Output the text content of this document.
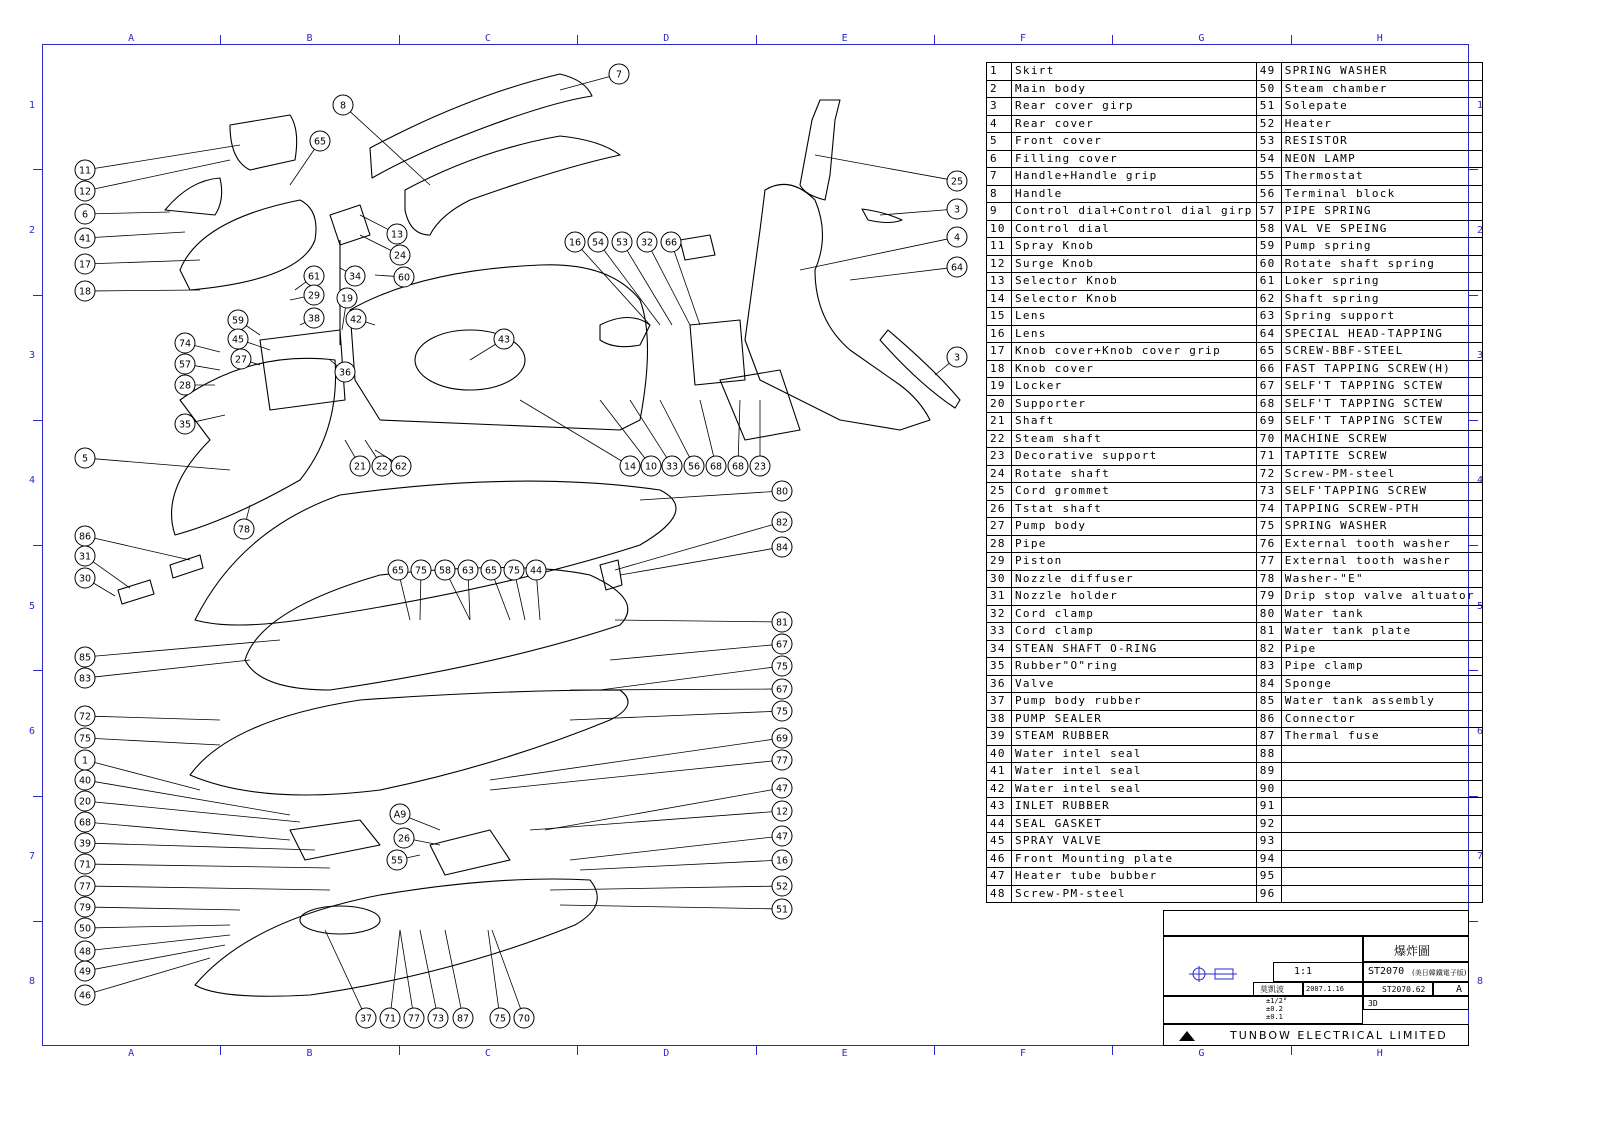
A
A
B
B
C
C
D
D
E
E
F
F
G
G
H
H
1	1
2	2
3	3
4	4
5	5
6	6
7	7
8	8
11
12
6
41
17
18
74
57
28
35
5
86
31
30
85
83
72
75
1
40
20
68
39
71
77
79
50
48
49
46
7
25
3
4
64
3
80
82
84
81
67
75
67
75
69
77
47
12
47
16
52
51
37 71 77 73 87	75 70
16 54 53 32 66
14 10 33 56 68 68 23
65 75 58 63 65 75 44
8
65
13
24
34	60
61
29
38
59
45
27
36
42
19
22 62
21
78
43
A9
26
55
1	Skirt	49	SPRING WASHER
2	Main body	50	Steam chamber
3	Rear cover girp	51	Solepate
4	Rear cover	52	Heater
5	Front cover	53	RESISTOR
6	Filling cover	54	NEON LAMP
7	Handle+Handle grip	55	Thermostat
8	Handle	56	Terminal block
9	Control dial+Control dial girp	57	PIPE SPRING
10	Control dial	58	VAL VE SPEING
11	Spray Knob	59	Pump spring
12	Surge Knob	60	Rotate shaft spring
13	Selector Knob	61	Loker spring
14	Selector Knob	62	Shaft spring
15	Lens	63	Spring support
16	Lens	64	SPECIAL HEAD-TAPPING
17	Knob cover+Knob cover grip	65	SCREW-BBF-STEEL
18	Knob cover	66	FAST TAPPING SCREW(H)
19	Locker	67	SELF'T TAPPING SCTEW
20	Supporter	68	SELF'T TAPPING SCTEW
21	Shaft	69	SELF'T TAPPING SCTEW
22	Steam shaft	70	MACHINE SCREW
23	Decorative support	71	TAPTITE SCREW
24	Rotate shaft	72	Screw-PM-steel
25	Cord grommet	73	SELF'TAPPING SCREW
26	Tstat shaft	74	TAPPING SCREW-PTH
27	Pump body	75	SPRING WASHER
28	Pipe	76	External tooth washer
29	Piston	77	External tooth washer
30	Nozzle diffuser	78	Washer-"E"
31	Nozzle holder	79	Drip stop valve altuator
32	Cord clamp	80	Water tank
33	Cord clamp	81	Water tank plate
34	STEAN SHAFT O-RING	82	Pipe
35	Rubber"O"ring	83	Pipe clamp
36	Valve	84	Sponge
37	Pump body rubber	85	Water tank assembly
38	PUMP SEALER	86	Connector
39	STEAM RUBBER	87	Thermal fuse
40	Water intel seal	88	
41	Water intel seal	89	
42	Water intel seal	90	
43	INLET RUBBER	91	
44	SEAL GASKET	92	
45	SPRAY VALVE	93	
46	Front Mounting plate	94	
47	Heater tube bubber	95	
48	Screw-PM-steel	96	
爆炸圖
ST2070 (美日韓鐵電子版)
1:1
2007.1.16
莫凱波	ST2070.62	A
3D
±1/2°
±0.2
±0.1
TUNBOW ELECTRICAL LIMITED
